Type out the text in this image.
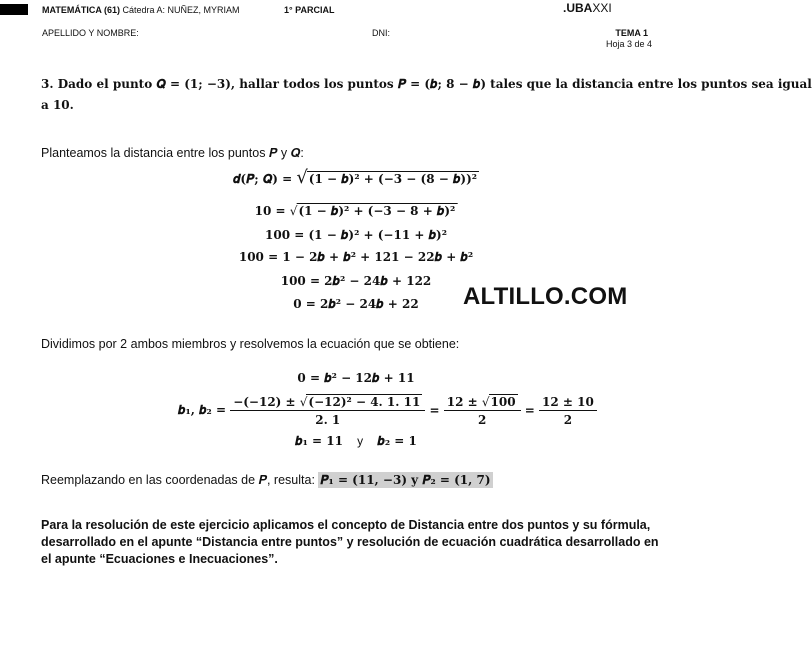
MATEMÁTICA (61) Cátedra A: NUÑEZ, MYRIAM	1° PARCIAL	.UBAXXI
APELLIDO Y NOMBRE:	DNI:	TEMA 1
Hoja 3 de 4
3. Dado el punto 𝑸 = (𝟏; −𝟑), hallar todos los puntos 𝑷 = (𝒃; 𝟖 − 𝒃) tales que la distancia entre los puntos sea igual
a 𝟏𝟎.
Planteamos la distancia entre los puntos 𝑷 y 𝑸:
𝒅(𝑷; 𝑸) = √(𝟏 − 𝒃)² + (−𝟑 − (𝟖 − 𝒃))²
𝟏𝟎 = √(𝟏 − 𝒃)² + (−𝟑 − 𝟖 + 𝒃)²
𝟏𝟎𝟎 = (𝟏 − 𝒃)² + (−𝟏𝟏 + 𝒃)²
𝟏𝟎𝟎 = 𝟏 − 𝟐𝒃 + 𝒃² + 𝟏𝟐𝟏 − 𝟐𝟐𝒃 + 𝒃²
𝟏𝟎𝟎 = 𝟐𝒃² − 𝟐𝟒𝒃 + 𝟏𝟐𝟐
𝟎 = 𝟐𝒃² − 𝟐𝟒𝒃 + 𝟐𝟐 ALTILLO.COM
Dividimos por 2 ambos miembros y resolvemos la ecuación que se obtiene:
𝟎 = 𝒃² − 𝟏𝟐𝒃 + 𝟏𝟏
𝒃₁, 𝒃₂ = $\frac{\text{−(−𝟏𝟐) ± √(−𝟏𝟐)² − 𝟒. 𝟏. 𝟏𝟏}}{𝟐. 𝟏} = \frac{𝟏𝟐 \pm √𝟏𝟎𝟎}{𝟐} = \frac{𝟏𝟐 \pm 𝟏𝟎}{𝟐}$
𝒃₁ = 𝟏𝟏 y 𝒃₂ = 𝟏
Reemplazando en las coordenadas de 𝑷, resulta: 𝑷₁ = (𝟏𝟏, −𝟑) y 𝑷₂ = (𝟏, 𝟕)
Para la resolución de este ejercicio aplicamos el concepto de Distancia entre dos puntos y su fórmula,
desarrollado en el apunte “Distancia entre puntos” y resolución de ecuación cuadrática desarrollado en
el apunte “Ecuaciones e Inecuaciones”.
